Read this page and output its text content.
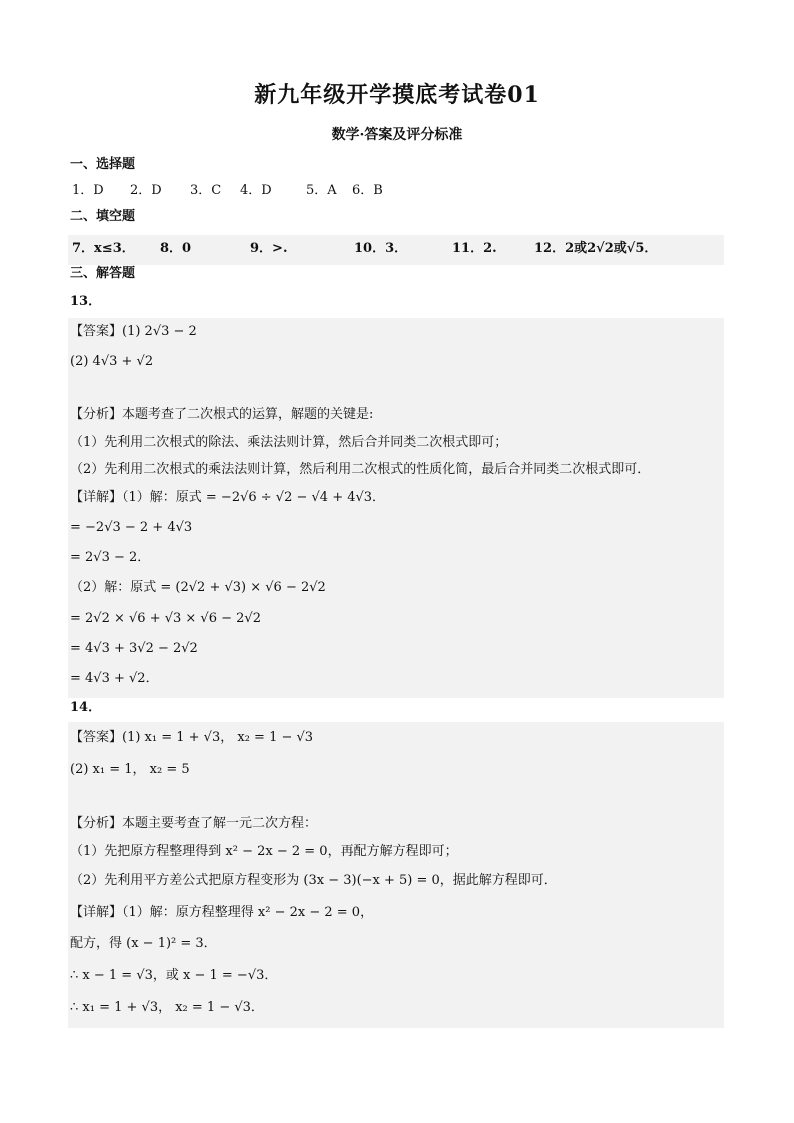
新九年级开学摸底考试卷01
数学·答案及评分标准
一、选择题
1．D 2．D 3．C 4．D	5．A 6．B
二、填空题
7．x≤3． 8．0	9．>.	10．3．	11．2.	12．2或2√2或√5．
三、解答题
13．
【答案】(1) 2√3 − 2
(2) 4√3 + √2
【分析】本题考查了二次根式的运算，解题的关键是:
（1）先利用二次根式的除法、乘法法则计算，然后合并同类二次根式即可；
（2）先利用二次根式的乘法法则计算，然后利用二次根式的性质化简，最后合并同类二次根式即可．
【详解】（1）解：原式 = −2√6 ÷ √2 − √4 + 4√3．
= −2√3 − 2 + 4√3
= 2√3 − 2．
（2）解：原式 = (2√2 + √3) × √6 − 2√2
= 2√2 × √6 + √3 × √6 − 2√2
= 4√3 + 3√2 − 2√2
= 4√3 + √2．
14．
【答案】(1) x₁ = 1 + √3， x₂ = 1 − √3
(2) x₁ = 1， x₂ = 5
【分析】本题主要考查了解一元二次方程：
（1）先把原方程整理得到 x² − 2x − 2 = 0，再配方解方程即可；
（2）先利用平方差公式把原方程变形为 (3x − 3)(−x + 5) = 0，据此解方程即可．
【详解】（1）解：原方程整理得 x² − 2x − 2 = 0，
配方，得 (x − 1)² = 3．
∴ x − 1 = √3，或 x − 1 = −√3．
∴ x₁ = 1 + √3， x₂ = 1 − √3．
